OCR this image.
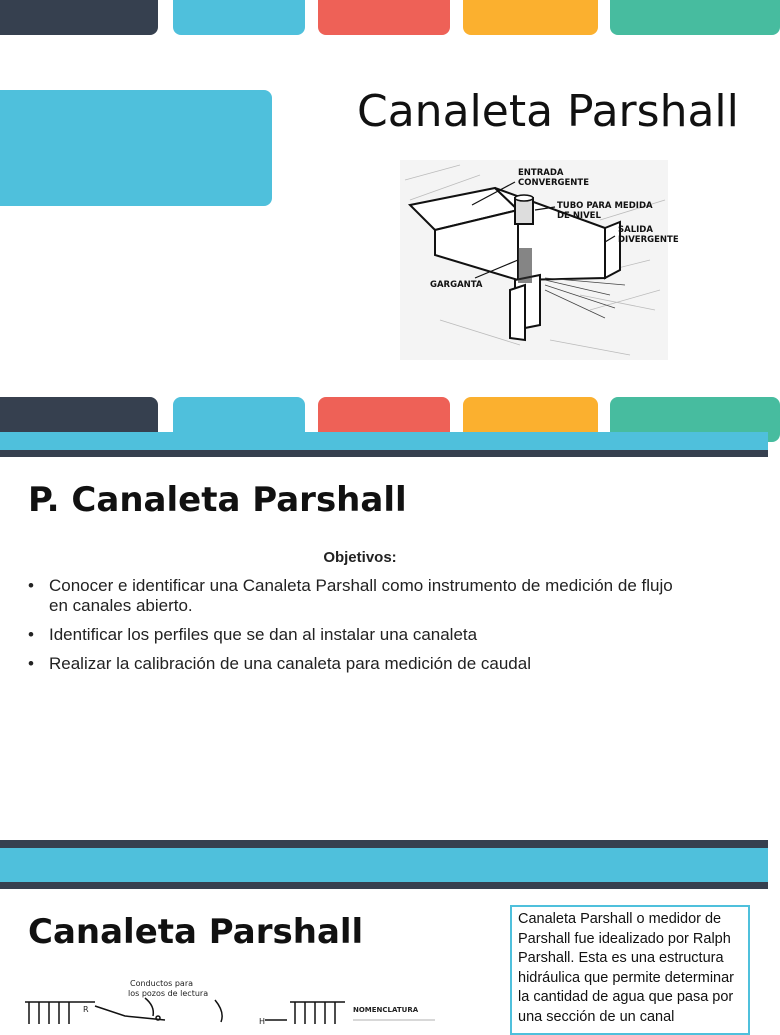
Canaleta Parshall
ENTRADA
CONVERGENTE
TUBO PARA MEDIDA
DE NIVEL
SALIDA
DIVERGENTE
GARGANTA
P. Canaleta Parshall
Objetivos:
• Conocer e identificar una Canaleta Parshall como instrumento de medición de flujo en canales abierto.
• Identificar los perfiles que se dan al instalar una canaleta
• Realizar la calibración de una canaleta para medición de caudal
Canaleta Parshall
Conductos para
los pozos de lectura
NOMENCLATURA
R
H
Canaleta Parshall o medidor de Parshall fue idealizado por Ralph Parshall. Esta es una estructura hidráulica que permite determinar la cantidad de agua que pasa por una sección de un canal
